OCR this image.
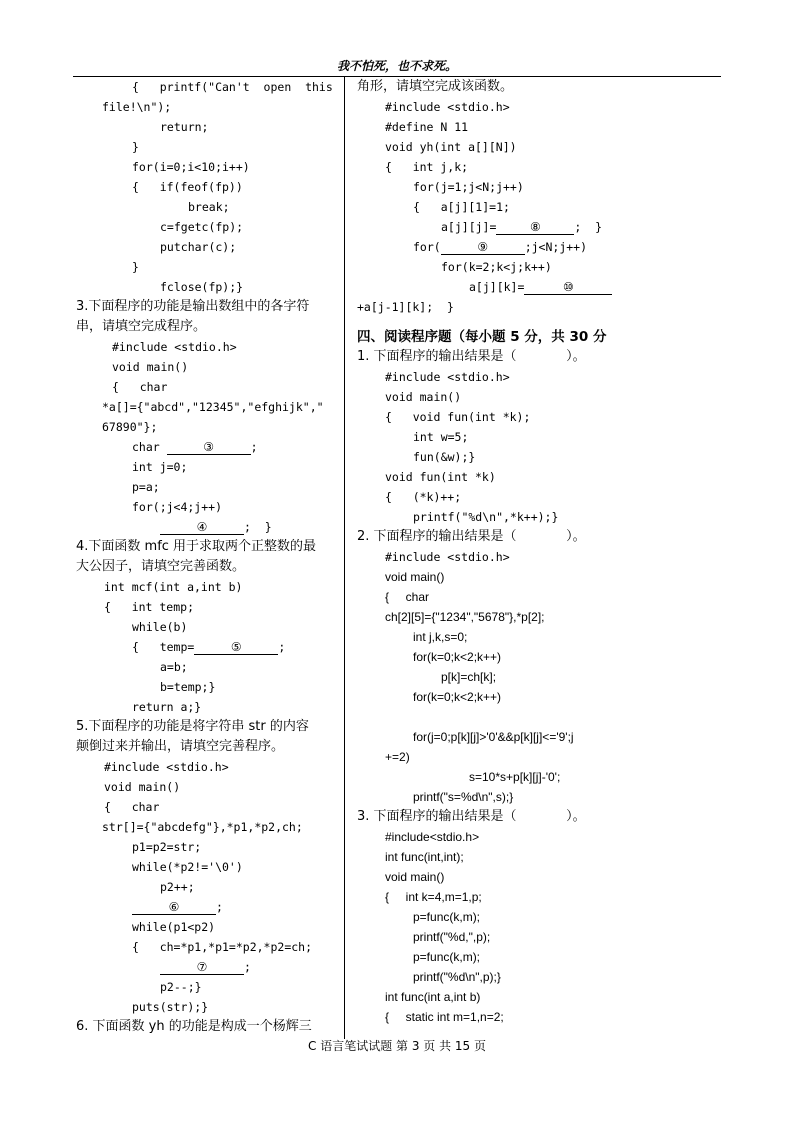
我不怕死，也不求死。
{   printf("Can't  open  this
file!\n");
return;
}
for(i=0;i<10;i++)
{   if(feof(fp))
break;
c=fgetc(fp);
putchar(c);
}
fclose(fp);}
3.下面程序的功能是输出数组中的各字符
串，请填空完成程序。
#include <stdio.h>
void main()
{   char
*a[]={"abcd","12345","efghijk","
67890"};
char	③	;
int j=0;
p=a;
for(;j<4;j++)
④	;  }
4.下面函数 mfc 用于求取两个正整数的最
大公因子，请填空完善函数。
int mcf(int a,int b)
{   int temp;
while(b)
{   temp=	⑤	;
a=b;
b=temp;}
return a;}
5.下面程序的功能是将字符串 str 的内容
颠倒过来并输出，请填空完善程序。
#include <stdio.h>
void main()
{   char
str[]={"abcdefg"},*p1,*p2,ch;
p1=p2=str;
while(*p2!='\0')
p2++;
⑥	;
while(p1<p2)
{   ch=*p1,*p1=*p2,*p2=ch;
⑦	;
p2--;}
puts(str);}
6. 下面函数 yh 的功能是构成一个杨辉三
角形，请填空完成该函数。
#include <stdio.h>
#define N 11
void yh(int a[][N])
{   int j,k;
for(j=1;j<N;j++)
{   a[j][1]=1;
a[j][j]=	⑧	;  }
for(	⑨	;j<N;j++)
for(k=2;k<j;k++)
a[j][k]=	⑩
+a[j-1][k];  }
四、阅读程序题（每小题 5 分，共 30 分
1. 下面程序的输出结果是（            ）。
#include <stdio.h>
void main()
{   void fun(int *k);
int w=5;
fun(&w);}
void fun(int *k)
{   (*k)++;
printf("%d\n",*k++);}
2. 下面程序的输出结果是（            ）。
#include <stdio.h>
void main()
{     char
ch[2][5]={"1234","5678"},*p[2];
int j,k,s=0;
for(k=0;k<2;k++)
p[k]=ch[k];
for(k=0;k<2;k++)
for(j=0;p[k][j]>'0'&&p[k][j]<='9';j
+=2)
s=10*s+p[k][j]-'0';
printf("s=%d\n",s);}
3. 下面程序的输出结果是（            ）。
#include<stdio.h>
int func(int,int);
void main()
{     int k=4,m=1,p;
p=func(k,m);
printf("%d,",p);
p=func(k,m);
printf("%d\n",p);}
int func(int a,int b)
{     static int m=1,n=2;
C 语言笔试试题 第 3 页 共 15 页
